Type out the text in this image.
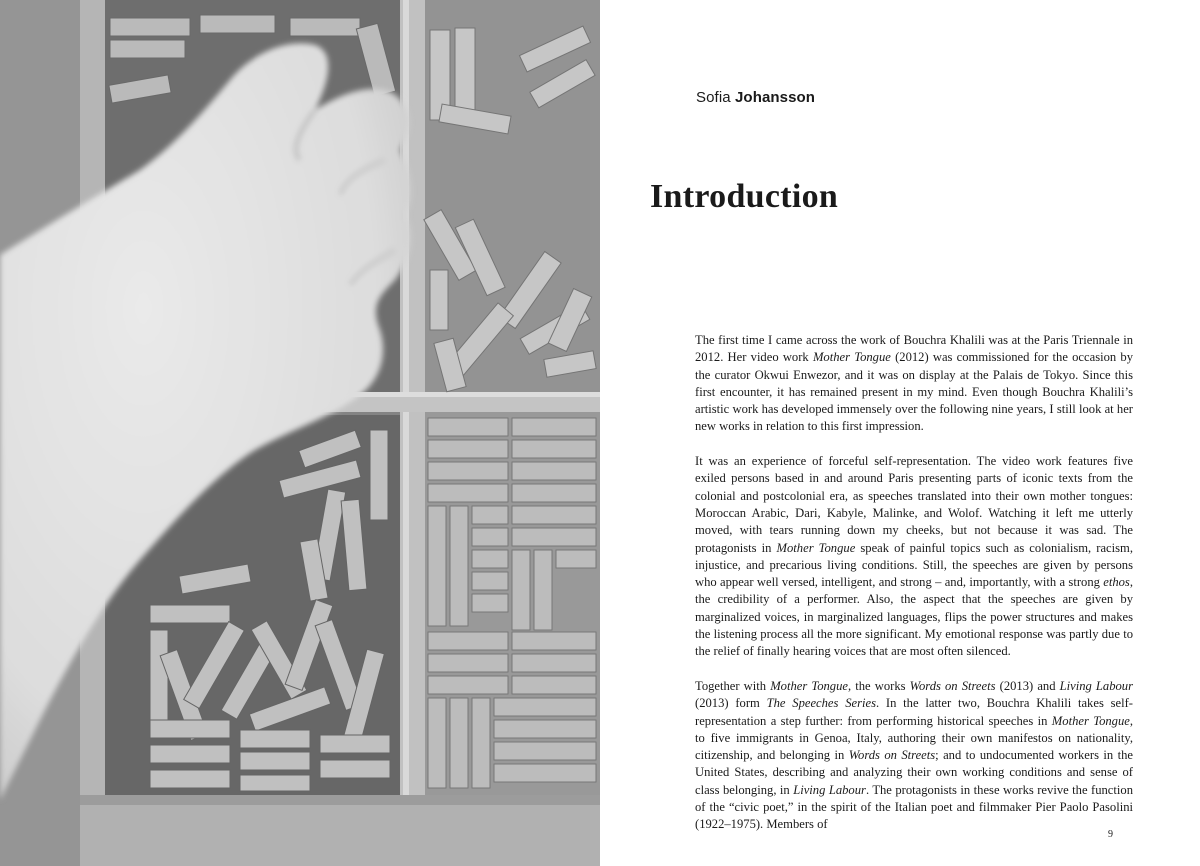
Sofia Johansson
Introduction

The first time I came across the work of Bouchra Khalili was at the Paris Triennale in 2012. Her video work Mother Tongue (2012) was commissioned for the occasion by the curator Okwui Enwezor, and it was on display at the Palais de Tokyo. Since this first encounter, it has remained present in my mind. Even though Bouchra Khalili’s artistic work has developed immensely over the following nine years, I still look at her new works in relation to this first impression.

It was an experience of forceful self-representation. The video work features five exiled persons based in and around Paris presenting parts of iconic texts from the colonial and postcolonial era, as speeches translated into their own mother tongues: Moroccan Arabic, Dari, Kabyle, Malinke, and Wolof. Watching it left me utterly moved, with tears running down my cheeks, but not because it was sad. The protagonists in Mother Tongue speak of painful topics such as colonialism, racism, injustice, and precarious living conditions. Still, the speeches are given by persons who appear well versed, intelligent, and strong – and, importantly, with a strong ethos, the credibility of a performer. Also, the aspect that the speeches are given by marginalized voices, in marginalized languages, flips the power structures and makes the listening process all the more significant. My emotional response was partly due to the relief of finally hearing voices that are most often silenced.

Together with Mother Tongue, the works Words on Streets (2013) and Living Labour (2013) form The Speeches Series. In the latter two, Bouchra Khalili takes self-representation a step further: from performing historical speeches in Mother Tongue, to five immigrants in Genoa, Italy, authoring their own manifestos on nationality, citizenship, and belonging in Words on Streets; and to undocumented workers in the United States, describing and analyzing their own working conditions and sense of class belonging, in Living Labour. The protagonists in these works revive the function of the “civic poet,” in the spirit of the Italian poet and filmmaker Pier Paolo Pasolini (1922–1975). Members of

9
